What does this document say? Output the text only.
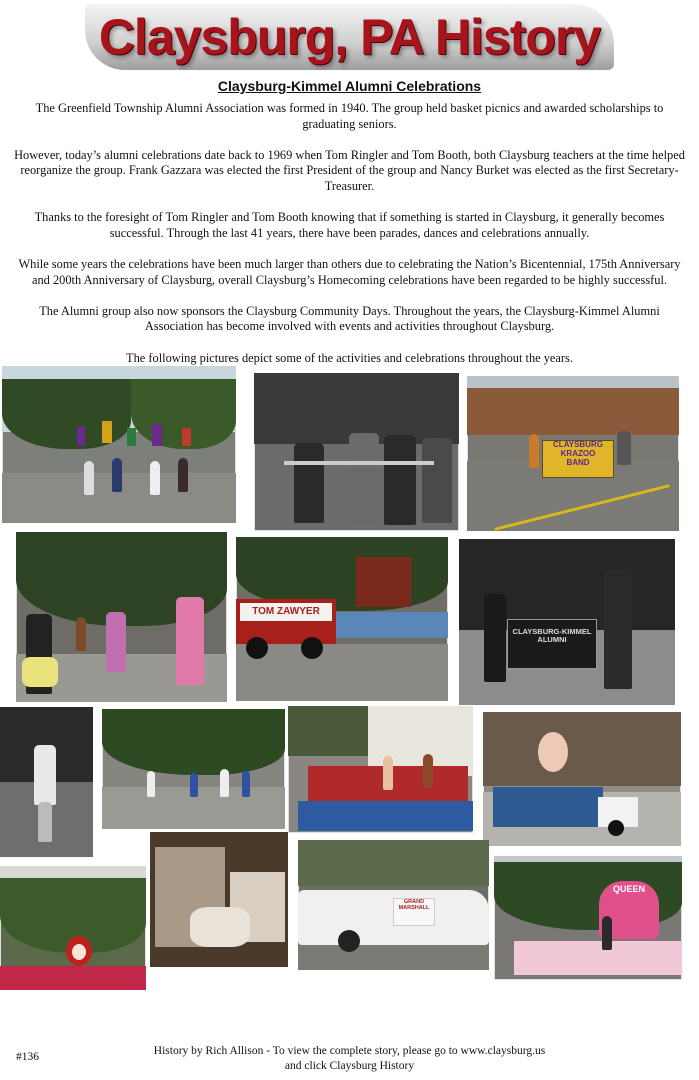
Claysburg, PA History
Claysburg-Kimmel Alumni Celebrations

The Greenfield Township Alumni Association was formed in 1940. The group held basket picnics and awarded scholarships to graduating seniors.

However, today’s alumni celebrations date back to 1969 when Tom Ringler and Tom Booth, both Claysburg teachers at the time helped reorganize the group. Frank Gazzara was elected the first President of the group and Nancy Burket was elected as the first Secretary-Treasurer.

Thanks to the foresight of Tom Ringler and Tom Booth knowing that if something is started in Claysburg, it generally becomes successful. Through the last 41 years, there have been parades, dances and celebrations annually.

While some years the celebrations have been much larger than others due to celebrating the Nation’s Bicentennial, 175th Anniversary and 200th Anniversary of Claysburg, overall Claysburg’s Homecoming celebrations have been regarded to be highly successful.

The Alumni group also now sponsors the Claysburg Community Days. Throughout the years, the Claysburg-Kimmel Alumni Association has become involved with events and activities throughout Claysburg.

The following pictures depict some of the activities and celebrations throughout the years.

CLAYSBURG
KRAZOO
BAND
TOM ZAWYER
CLAYSBURG-KIMMEL
ALUMNI
GRAND
MARSHALL
QUEEN
History by Rich Allison - To view the complete story, please go to www.claysburg.us
and click Claysburg History
#136
